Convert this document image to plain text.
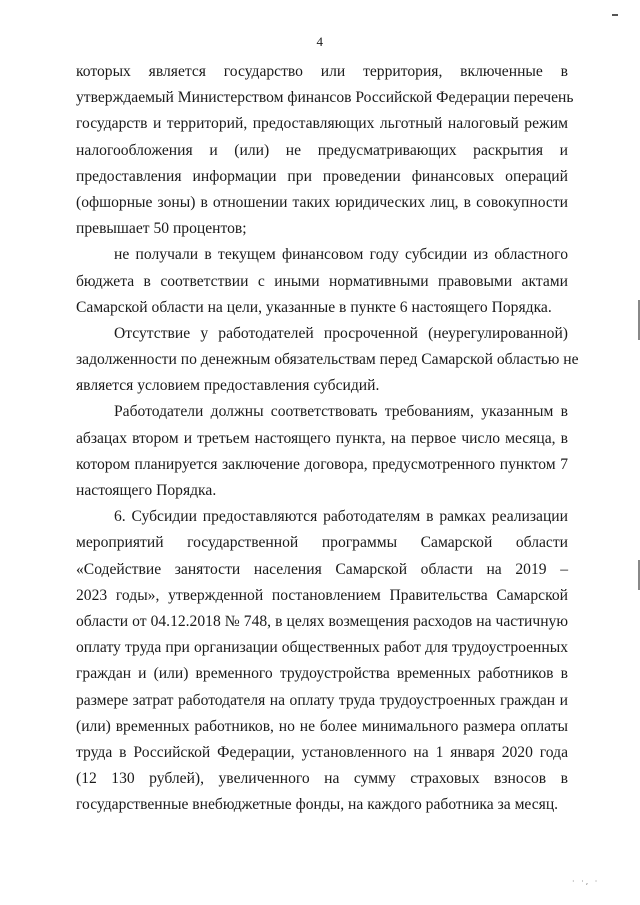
4
которых является государство или территория, включенные в
утверждаемый Министерством финансов Российской Федерации перечень
государств и территорий, предоставляющих льготный налоговый режим
налогообложения и (или) не предусматривающих раскрытия и
предоставления информации при проведении финансовых операций
(офшорные зоны) в отношении таких юридических лиц, в совокупности
превышает 50 процентов;
не получали в текущем финансовом году субсидии из областного
бюджета в соответствии с иными нормативными правовыми актами
Самарской области на цели, указанные в пункте 6 настоящего Порядка.
Отсутствие у работодателей просроченной (неурегулированной)
задолженности по денежным обязательствам перед Самарской областью не
является условием предоставления субсидий.
Работодатели должны соответствовать требованиям, указанным в
абзацах втором и третьем настоящего пункта, на первое число месяца, в
котором планируется заключение договора, предусмотренного пунктом 7
настоящего Порядка.
6. Субсидии предоставляются работодателям в рамках реализации
мероприятий государственной программы Самарской области
«Содействие занятости населения Самарской области на 2019 –
2023 годы», утвержденной постановлением Правительства Самарской
области от 04.12.2018 № 748, в целях возмещения расходов на частичную
оплату труда при организации общественных работ для трудоустроенных
граждан и (или) временного трудоустройства временных работников в
размере затрат работодателя на оплату труда трудоустроенных граждан и
(или) временных работников, но не более минимального размера оплаты
труда в Российской Федерации, установленного на 1 января 2020 года
(12 130 рублей), увеличенного на сумму страховых взносов в
государственные внебюджетные фонды, на каждого работника за месяц.
· ·‚ ·
